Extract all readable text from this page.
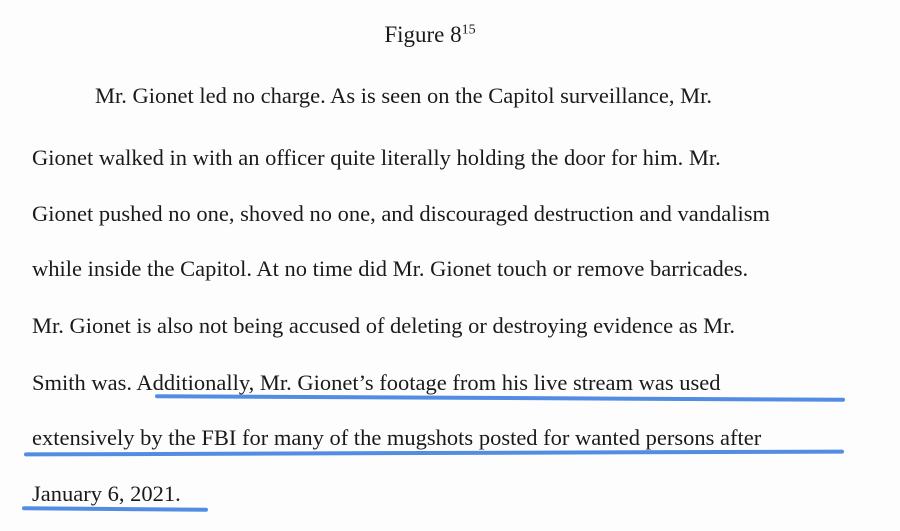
Figure $8^{15}$
Mr. Gionet led no charge. As is seen on the Capitol surveillance, Mr.
Gionet walked in with an officer quite literally holding the door for him. Mr.
Gionet pushed no one, shoved no one, and discouraged destruction and vandalism
while inside the Capitol. At no time did Mr. Gionet touch or remove barricades.
Mr. Gionet is also not being accused of deleting or destroying evidence as Mr.
Smith was. Additionally, Mr. Gionet’s footage from his live stream was used
extensively by the FBI for many of the mugshots posted for wanted persons after
January 6, 2021.
